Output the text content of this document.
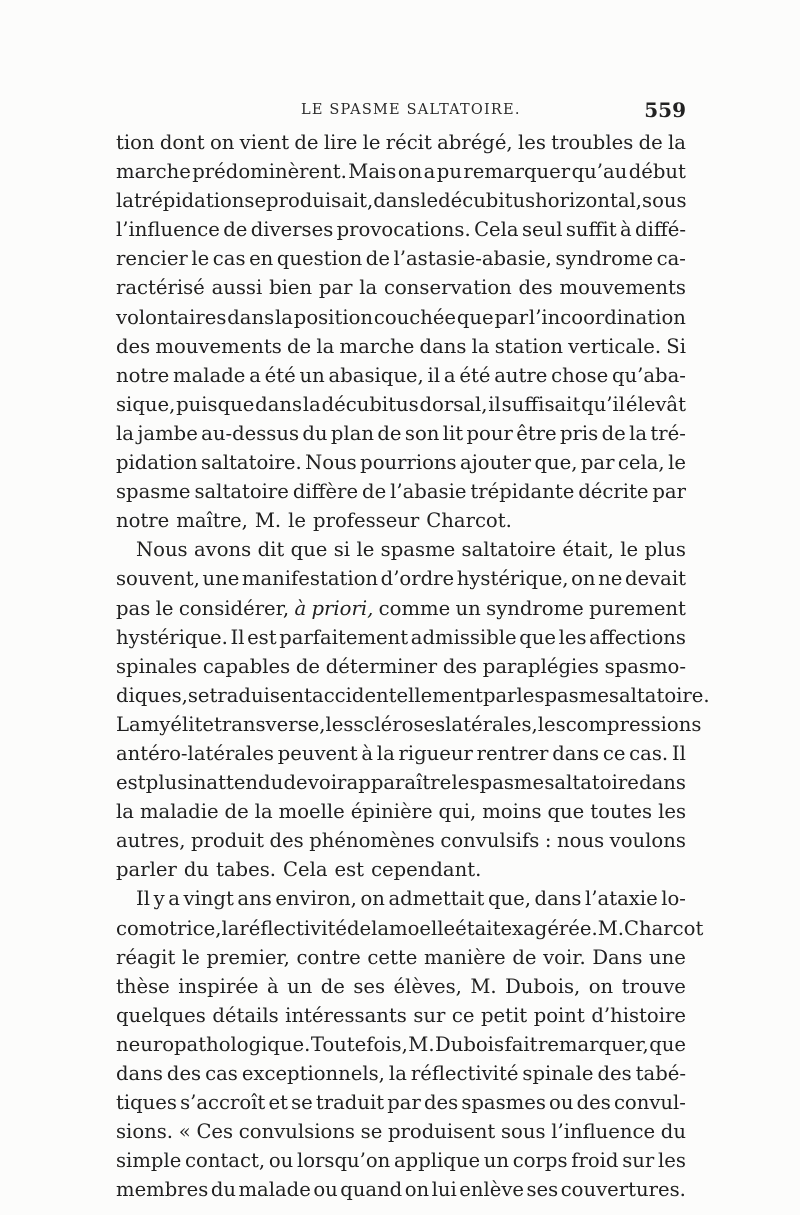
LE SPASME SALTATOIRE.	559
tion dont on vient de lire le récit abrégé, les troubles de la
marche prédominèrent. Mais on a pu remarquer qu’au début
la trépidation se produisait, dans le décubitus horizontal, sous
l’influence de diverses provocations. Cela seul suffit à diffé-
rencier le cas en question de l’astasie-abasie, syndrome ca-
ractérisé aussi bien par la conservation des mouvements
volontaires dans la position couchée que par l’incoordination
des mouvements de la marche dans la station verticale. Si
notre malade a été un abasique, il a été autre chose qu’aba-
sique, puisque dans la décubitus dorsal, il suffisait qu’il élevât
la jambe au-dessus du plan de son lit pour être pris de la tré-
pidation saltatoire. Nous pourrions ajouter que, par cela, le
spasme saltatoire diffère de l’abasie trépidante décrite par
notre maître, M. le professeur Charcot.
Nous avons dit que si le spasme saltatoire était, le plus
souvent, une manifestation d’ordre hystérique, on ne devait
pas le considérer, à priori, comme un syndrome purement
hystérique. Il est parfaitement admissible que les affections
spinales capables de déterminer des paraplégies spasmo-
diques, se traduisent accidentellement par le spasme saltatoire.
La myélite transverse, les scléroses latérales, les compressions
antéro-latérales peuvent à la rigueur rentrer dans ce cas. Il
est plus inattendu de voir apparaître le spasme saltatoire dans
la maladie de la moelle épinière qui, moins que toutes les
autres, produit des phénomènes convulsifs : nous voulons
parler du tabes. Cela est cependant.
Il y a vingt ans environ, on admettait que, dans l’ataxie lo-
comotrice, la réflectivité de la moelle était exagérée. M. Charcot
réagit le premier, contre cette manière de voir. Dans une
thèse inspirée à un de ses élèves, M. Dubois, on trouve
quelques détails intéressants sur ce petit point d’histoire
neuropathologique. Toutefois, M. Dubois fait remarquer, que
dans des cas exceptionnels, la réflectivité spinale des tabé-
tiques s’accroît et se traduit par des spasmes ou des convul-
sions. « Ces convulsions se produisent sous l’influence du
simple contact, ou lorsqu’on applique un corps froid sur les
membres du malade ou quand on lui enlève ses couvertures.
